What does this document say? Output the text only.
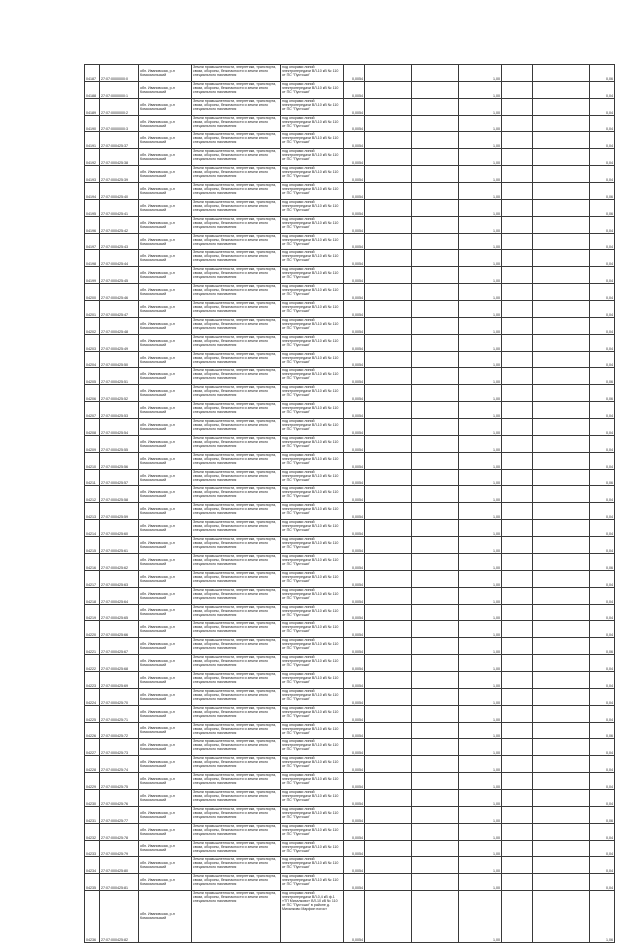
04187	27:07:0000000:0	обл. Ивановская, р-н Комсомольский	Земли промышленности, энергетики, транспорта, связи, обороны, безопасности и земли иного специального назначения	под опорами линий электропередачи ВЛ-10 кВ № 110 от ПС "Пустоши"	0,0054			1,00			0,06
04188	27:07:0000000:1	обл. Ивановская, р-н Комсомольский	Земли промышленности, энергетики, транспорта, связи, обороны, безопасности и земли иного специального назначения	под опорами линий электропередачи ВЛ-10 кВ № 110 от ПС "Пустоши"	0,0054			1,00			0,04
04189	27:07:0000000:2	обл. Ивановская, р-н Комсомольский	Земли промышленности, энергетики, транспорта, связи, обороны, безопасности и земли иного специального назначения	под опорами линий электропередачи ВЛ-10 кВ № 110 от ПС "Пустоши"	0,0054			1,00			0,04
04190	27:07:0000000:3	обл. Ивановская, р-н Комсомольский	Земли промышленности, энергетики, транспорта, связи, обороны, безопасности и земли иного специального назначения	под опорами линий электропередачи ВЛ-10 кВ № 110 от ПС "Пустоши"	0,0054			1,00			0,04
04191	27:07:000425:37	обл. Ивановская, р-н Комсомольский	Земли промышленности, энергетики, транспорта, связи, обороны, безопасности и земли иного специального назначения	под опорами линий электропередачи ВЛ-10 кВ № 110 от ПС "Пустоши"	0,0054			1,00			0,04
04192	27:07:000425:38	обл. Ивановская, р-н Комсомольский	Земли промышленности, энергетики, транспорта, связи, обороны, безопасности и земли иного специального назначения	под опорами линий электропередачи ВЛ-10 кВ № 110 от ПС "Пустоши"	0,0054			1,00			0,04
04193	27:07:000425:39	обл. Ивановская, р-н Комсомольский	Земли промышленности, энергетики, транспорта, связи, обороны, безопасности и земли иного специального назначения	под опорами линий электропередачи ВЛ-10 кВ № 110 от ПС "Пустоши"	0,0054			1,00			0,04
04194	27:07:000425:40	обл. Ивановская, р-н Комсомольский	Земли промышленности, энергетики, транспорта, связи, обороны, безопасности и земли иного специального назначения	под опорами линий электропередачи ВЛ-10 кВ № 110 от ПС "Пустоши"	0,0054			1,00			0,06
04195	27:07:000425:41	обл. Ивановская, р-н Комсомольский	Земли промышленности, энергетики, транспорта, связи, обороны, безопасности и земли иного специального назначения	под опорами линий электропередачи ВЛ-10 кВ № 110 от ПС "Пустоши"	0,0054			1,00			0,06
04196	27:07:000425:42	обл. Ивановская, р-н Комсомольский	Земли промышленности, энергетики, транспорта, связи, обороны, безопасности и земли иного специального назначения	под опорами линий электропередачи ВЛ-10 кВ № 110 от ПС "Пустоши"	0,0054			1,00			0,04
04197	27:07:000425:43	обл. Ивановская, р-н Комсомольский	Земли промышленности, энергетики, транспорта, связи, обороны, безопасности и земли иного специального назначения	под опорами линий электропередачи ВЛ-10 кВ № 110 от ПС "Пустоши"	0,0054			1,00			0,04
04198	27:07:000425:44	обл. Ивановская, р-н Комсомольский	Земли промышленности, энергетики, транспорта, связи, обороны, безопасности и земли иного специального назначения	под опорами линий электропередачи ВЛ-10 кВ № 110 от ПС "Пустоши"	0,0054			1,00			0,04
04199	27:07:000425:45	обл. Ивановская, р-н Комсомольский	Земли промышленности, энергетики, транспорта, связи, обороны, безопасности и земли иного специального назначения	под опорами линий электропередачи ВЛ-10 кВ № 110 от ПС "Пустоши"	0,0054			1,00			0,04
04200	27:07:000425:46	обл. Ивановская, р-н Комсомольский	Земли промышленности, энергетики, транспорта, связи, обороны, безопасности и земли иного специального назначения	под опорами линий электропередачи ВЛ-10 кВ № 110 от ПС "Пустоши"	0,0054			1,00			0,04
04201	27:07:000425:47	обл. Ивановская, р-н Комсомольский	Земли промышленности, энергетики, транспорта, связи, обороны, безопасности и земли иного специального назначения	под опорами линий электропередачи ВЛ-10 кВ № 110 от ПС "Пустоши"	0,0054			1,00			0,04
04202	27:07:000425:48	обл. Ивановская, р-н Комсомольский	Земли промышленности, энергетики, транспорта, связи, обороны, безопасности и земли иного специального назначения	под опорами линий электропередачи ВЛ-10 кВ № 110 от ПС "Пустоши"	0,0054			1,00			0,04
04203	27:07:000425:49	обл. Ивановская, р-н Комсомольский	Земли промышленности, энергетики, транспорта, связи, обороны, безопасности и земли иного специального назначения	под опорами линий электропередачи ВЛ-10 кВ № 110 от ПС "Пустоши"	0,0054			1,00			0,04
04204	27:07:000425:50	обл. Ивановская, р-н Комсомольский	Земли промышленности, энергетики, транспорта, связи, обороны, безопасности и земли иного специального назначения	под опорами линий электропередачи ВЛ-10 кВ № 110 от ПС "Пустоши"	0,0054			1,00			0,04
04205	27:07:000425:51	обл. Ивановская, р-н Комсомольский	Земли промышленности, энергетики, транспорта, связи, обороны, безопасности и земли иного специального назначения	под опорами линий электропередачи ВЛ-10 кВ № 110 от ПС "Пустоши"	0,0054			1,00			0,06
04206	27:07:000425:52	обл. Ивановская, р-н Комсомольский	Земли промышленности, энергетики, транспорта, связи, обороны, безопасности и земли иного специального назначения	под опорами линий электропередачи ВЛ-10 кВ № 110 от ПС "Пустоши"	0,0054			1,00			0,06
04207	27:07:000425:53	обл. Ивановская, р-н Комсомольский	Земли промышленности, энергетики, транспорта, связи, обороны, безопасности и земли иного специального назначения	под опорами линий электропередачи ВЛ-10 кВ № 110 от ПС "Пустоши"	0,0054			1,00			0,04
04208	27:07:000425:54	обл. Ивановская, р-н Комсомольский	Земли промышленности, энергетики, транспорта, связи, обороны, безопасности и земли иного специального назначения	под опорами линий электропередачи ВЛ-10 кВ № 110 от ПС "Пустоши"	0,0054			1,00			0,04
04209	27:07:000425:55	обл. Ивановская, р-н Комсомольский	Земли промышленности, энергетики, транспорта, связи, обороны, безопасности и земли иного специального назначения	под опорами линий электропередачи ВЛ-10 кВ № 110 от ПС "Пустоши"	0,0054			1,00			0,04
04210	27:07:000425:56	обл. Ивановская, р-н Комсомольский	Земли промышленности, энергетики, транспорта, связи, обороны, безопасности и земли иного специального назначения	под опорами линий электропередачи ВЛ-10 кВ № 110 от ПС "Пустоши"	0,0054			1,00			0,04
04211	27:07:000425:57	обл. Ивановская, р-н Комсомольский	Земли промышленности, энергетики, транспорта, связи, обороны, безопасности и земли иного специального назначения	под опорами линий электропередачи ВЛ-10 кВ № 110 от ПС "Пустоши"	0,0054			1,00			0,06
04212	27:07:000425:58	обл. Ивановская, р-н Комсомольский	Земли промышленности, энергетики, транспорта, связи, обороны, безопасности и земли иного специального назначения	под опорами линий электропередачи ВЛ-10 кВ № 110 от ПС "Пустоши"	0,0054			1,00			0,04
04213	27:07:000425:59	обл. Ивановская, р-н Комсомольский	Земли промышленности, энергетики, транспорта, связи, обороны, безопасности и земли иного специального назначения	под опорами линий электропередачи ВЛ-10 кВ № 110 от ПС "Пустоши"	0,0054			1,00			0,04
04214	27:07:000425:60	обл. Ивановская, р-н Комсомольский	Земли промышленности, энергетики, транспорта, связи, обороны, безопасности и земли иного специального назначения	под опорами линий электропередачи ВЛ-10 кВ № 110 от ПС "Пустоши"	0,0054			1,00			0,04
04215	27:07:000425:61	обл. Ивановская, р-н Комсомольский	Земли промышленности, энергетики, транспорта, связи, обороны, безопасности и земли иного специального назначения	под опорами линий электропередачи ВЛ-10 кВ № 110 от ПС "Пустоши"	0,0054			1,00			0,04
04216	27:07:000425:62	обл. Ивановская, р-н Комсомольский	Земли промышленности, энергетики, транспорта, связи, обороны, безопасности и земли иного специального назначения	под опорами линий электропередачи ВЛ-10 кВ № 110 от ПС "Пустоши"	0,0054			1,00			0,06
04217	27:07:000425:63	обл. Ивановская, р-н Комсомольский	Земли промышленности, энергетики, транспорта, связи, обороны, безопасности и земли иного специального назначения	под опорами линий электропередачи ВЛ-10 кВ № 110 от ПС "Пустоши"	0,0054			1,00			0,04
04218	27:07:000425:64	обл. Ивановская, р-н Комсомольский	Земли промышленности, энергетики, транспорта, связи, обороны, безопасности и земли иного специального назначения	под опорами линий электропередачи ВЛ-10 кВ № 110 от ПС "Пустоши"	0,0054			1,00			0,04
04219	27:07:000425:65	обл. Ивановская, р-н Комсомольский	Земли промышленности, энергетики, транспорта, связи, обороны, безопасности и земли иного специального назначения	под опорами линий электропередачи ВЛ-10 кВ № 110 от ПС "Пустоши"	0,0054			1,00			0,04
04220	27:07:000425:66	обл. Ивановская, р-н Комсомольский	Земли промышленности, энергетики, транспорта, связи, обороны, безопасности и земли иного специального назначения	под опорами линий электропередачи ВЛ-10 кВ № 110 от ПС "Пустоши"	0,0054			1,00			0,04
04221	27:07:000425:67	обл. Ивановская, р-н Комсомольский	Земли промышленности, энергетики, транспорта, связи, обороны, безопасности и земли иного специального назначения	под опорами линий электропередачи ВЛ-10 кВ № 110 от ПС "Пустоши"	0,0054			1,00			0,06
04222	27:07:000425:68	обл. Ивановская, р-н Комсомольский	Земли промышленности, энергетики, транспорта, связи, обороны, безопасности и земли иного специального назначения	под опорами линий электропередачи ВЛ-10 кВ № 110 от ПС "Пустоши"	0,0054			1,00			0,04
04223	27:07:000425:69	обл. Ивановская, р-н Комсомольский	Земли промышленности, энергетики, транспорта, связи, обороны, безопасности и земли иного специального назначения	под опорами линий электропередачи ВЛ-10 кВ № 110 от ПС "Пустоши"	0,0054			1,00			0,04
04224	27:07:000425:70	обл. Ивановская, р-н Комсомольский	Земли промышленности, энергетики, транспорта, связи, обороны, безопасности и земли иного специального назначения	под опорами линий электропередачи ВЛ-10 кВ № 110 от ПС "Пустоши"	0,0054			1,00			0,04
04225	27:07:000425:71	обл. Ивановская, р-н Комсомольский	Земли промышленности, энергетики, транспорта, связи, обороны, безопасности и земли иного специального назначения	под опорами линий электропередачи ВЛ-10 кВ № 110 от ПС "Пустоши"	0,0054			1,00			0,04
04226	27:07:000425:72	обл. Ивановская, р-н Комсомольский	Земли промышленности, энергетики, транспорта, связи, обороны, безопасности и земли иного специального назначения	под опорами линий электропередачи ВЛ-10 кВ № 110 от ПС "Пустоши"	0,0054			1,00			0,06
04227	27:07:000425:73	обл. Ивановская, р-н Комсомольский	Земли промышленности, энергетики, транспорта, связи, обороны, безопасности и земли иного специального назначения	под опорами линий электропередачи ВЛ-10 кВ № 110 от ПС "Пустоши"	0,0054			1,00			0,04
04228	27:07:000425:74	обл. Ивановская, р-н Комсомольский	Земли промышленности, энергетики, транспорта, связи, обороны, безопасности и земли иного специального назначения	под опорами линий электропередачи ВЛ-10 кВ № 110 от ПС "Пустоши"	0,0054			1,00			0,04
04229	27:07:000425:75	обл. Ивановская, р-н Комсомольский	Земли промышленности, энергетики, транспорта, связи, обороны, безопасности и земли иного специального назначения	под опорами линий электропередачи ВЛ-10 кВ № 110 от ПС "Пустоши"	0,0054			1,00			0,04
04230	27:07:000425:76	обл. Ивановская, р-н Комсомольский	Земли промышленности, энергетики, транспорта, связи, обороны, безопасности и земли иного специального назначения	под опорами линий электропередачи ВЛ-10 кВ № 110 от ПС "Пустоши"	0,0054			1,00			0,04
04231	27:07:000425:77	обл. Ивановская, р-н Комсомольский	Земли промышленности, энергетики, транспорта, связи, обороны, безопасности и земли иного специального назначения	под опорами линий электропередачи ВЛ-10 кВ № 110 от ПС "Пустоши"	0,0054			1,00			0,06
04232	27:07:000425:78	обл. Ивановская, р-н Комсомольский	Земли промышленности, энергетики, транспорта, связи, обороны, безопасности и земли иного специального назначения	под опорами линий электропередачи ВЛ-10 кВ № 110 от ПС "Пустоши"	0,0054			1,00			0,04
04233	27:07:000425:79	обл. Ивановская, р-н Комсомольский	Земли промышленности, энергетики, транспорта, связи, обороны, безопасности и земли иного специального назначения	под опорами линий электропередачи ВЛ-10 кВ № 110 от ПС "Пустоши"	0,0054			1,00			0,04
04234	27:07:000425:80	обл. Ивановская, р-н Комсомольский	Земли промышленности, энергетики, транспорта, связи, обороны, безопасности и земли иного специального назначения	под опорами линий электропередачи ВЛ-10 кВ № 110 от ПС "Пустоши"	0,0054			1,00			0,04
04235	27:07:000425:81	обл. Ивановская, р-н Комсомольский	Земли промышленности, энергетики, транспорта, связи, обороны, безопасности и земли иного специального назначения	под опорами линий электропередачи ВЛ-10 кВ № 110 от ПС "Пустоши"	0,0054			1,00			0,04
04236	27:07:000425:82	обл. Ивановская, р-н Комсомольский	Земли промышленности, энергетики, транспорта, связи, обороны, безопасности и земли иного специального назначения	под опорами линий электропередачи ВЛ-0,4 кВ ф.1 «ТП Михалково» ВЛ-10 кВ № 110 от ПС "Пустоши" в районе д. Михалково Марфин погост	0,0054			1,00			1,06
